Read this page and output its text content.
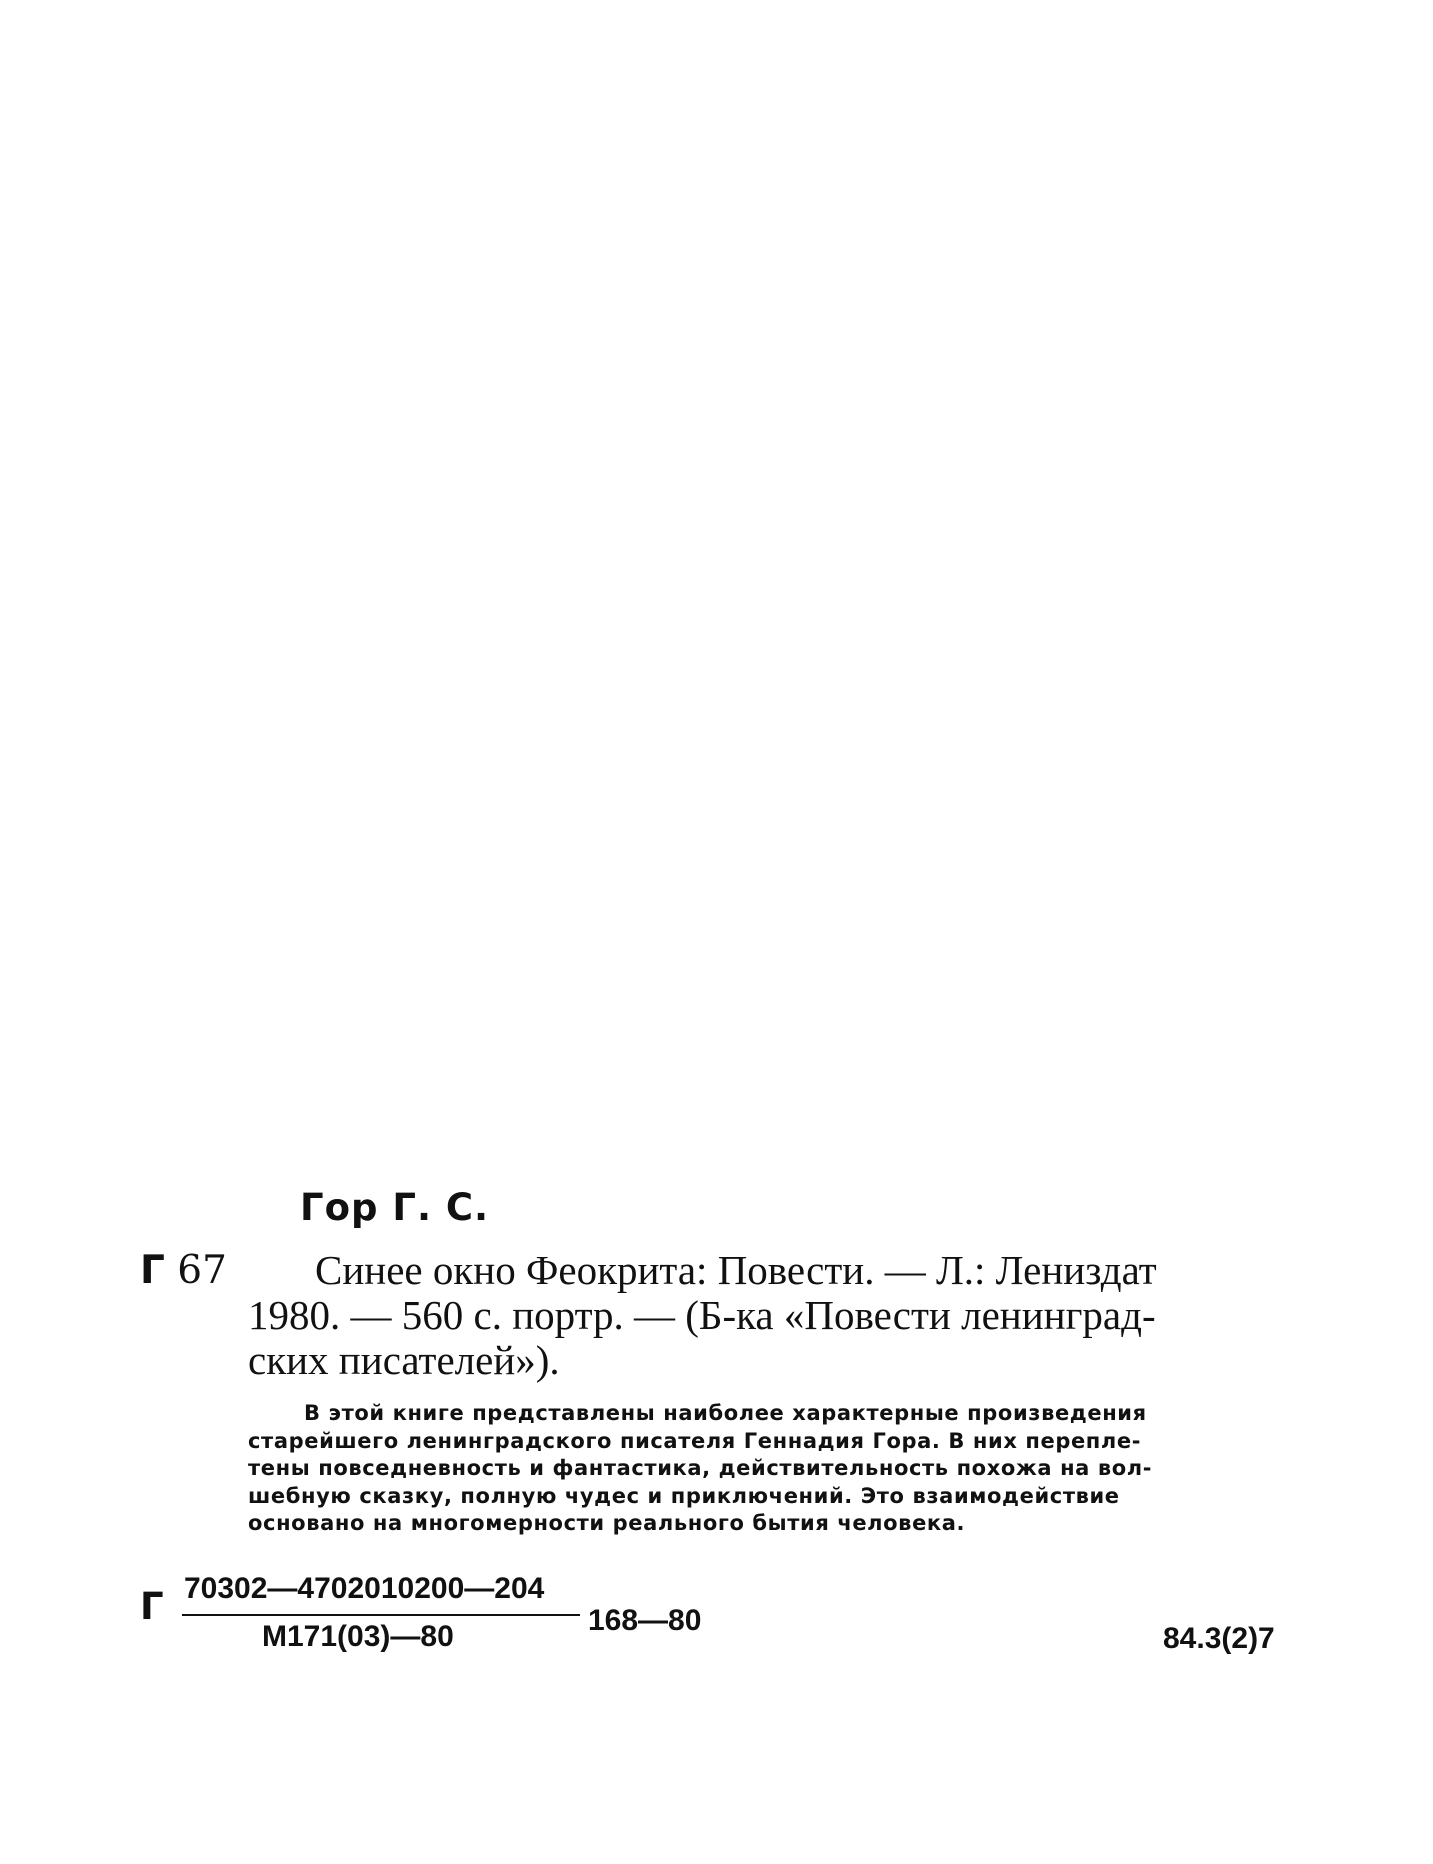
Гор Г. С.
Г 67	Синее окно Феокрита: Повести. — Л.: Лениздат
1980. — 560 с. портр. — (Б-ка «Повести ленинград-
ских писателей»).
В этой книге представлены наиболее характерные произведения
старейшего ленинградского писателя Геннадия Гора. В них перепле-
тены повседневность и фантастика, действительность похожа на вол-
шебную сказку, полную чудес и приключений. Это взаимодействие
основано на многомерности реального бытия человека.
Г 70302—4702010200—204
М171(03)—80	168—80
84.3(2)7
